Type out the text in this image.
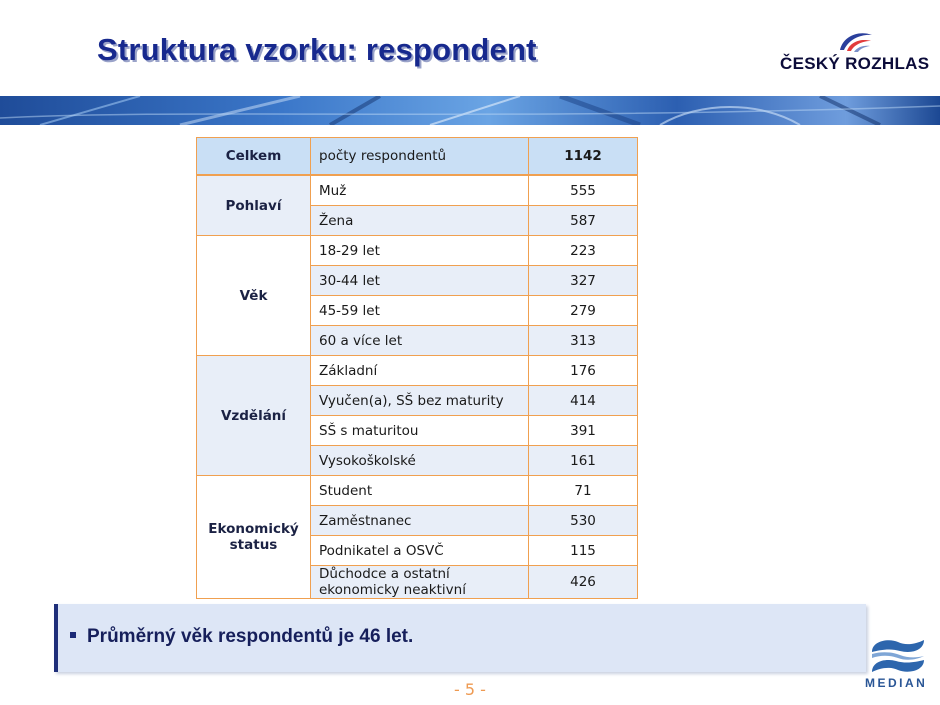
Struktura vzorku: respondent	ČESKÝ ROZHLAS
Celkem	počty respondentů	1142
Pohlaví	Muž	555
	Žena	587
Věk	18-29 let	223
	30-44 let	327
	45-59 let	279
	60 a více let	313
Vzdělání	Základní	176
	Vyučen(a), SŠ bez maturity	414
	SŠ s maturitou	391
	Vysokoškolské	161
Ekonomický status	Student	71
	Zaměstnanec	530
	Podnikatel a OSVČ	115
	Důchodce a ostatní ekonomicky neaktivní	426
Průměrný věk respondentů je 46 let.
- 5 -	MEDIAN
